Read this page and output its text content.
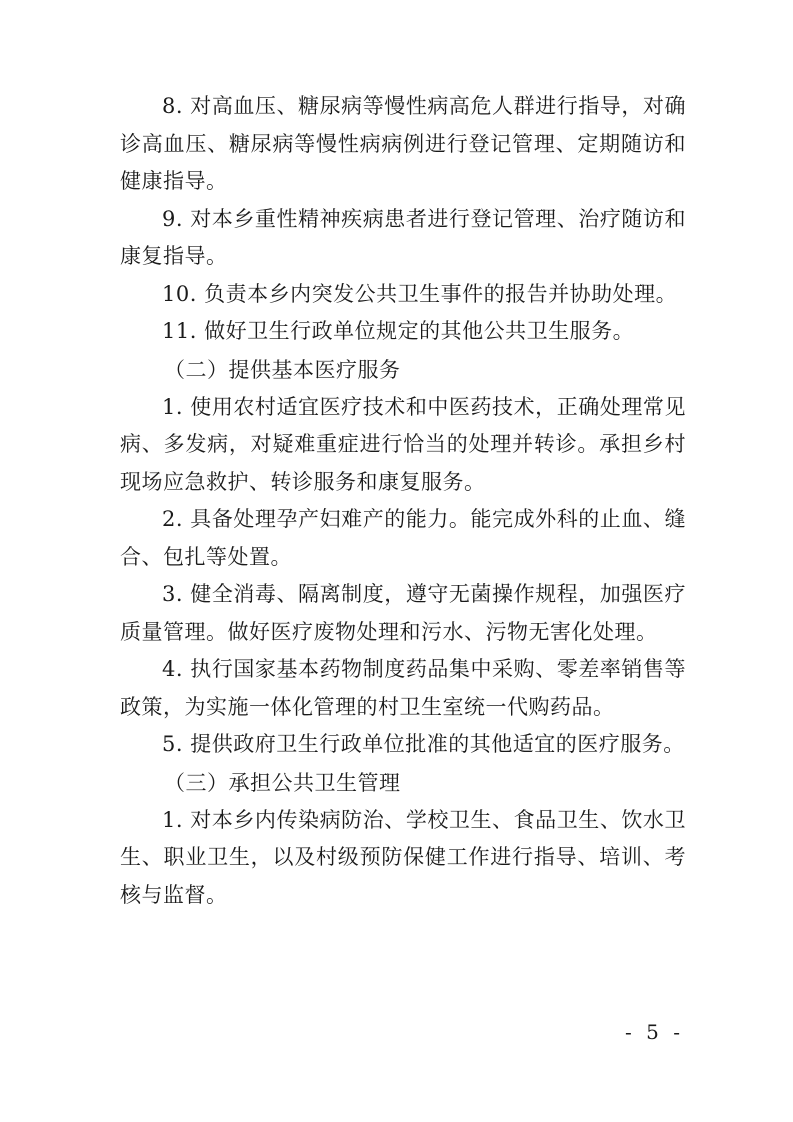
8. 对高血压、糖尿病等慢性病高危人群进行指导，对确诊高血压、糖尿病等慢性病病例进行登记管理、定期随访和健康指导。

9. 对本乡重性精神疾病患者进行登记管理、治疗随访和康复指导。

10. 负责本乡内突发公共卫生事件的报告并协助处理。

11. 做好卫生行政单位规定的其他公共卫生服务。

（二）提供基本医疗服务

1. 使用农村适宜医疗技术和中医药技术，正确处理常见病、多发病，对疑难重症进行恰当的处理并转诊。承担乡村现场应急救护、转诊服务和康复服务。

2. 具备处理孕产妇难产的能力。能完成外科的止血、缝合、包扎等处置。

3. 健全消毒、隔离制度，遵守无菌操作规程，加强医疗质量管理。做好医疗废物处理和污水、污物无害化处理。

4. 执行国家基本药物制度药品集中采购、零差率销售等政策，为实施一体化管理的村卫生室统一代购药品。

5. 提供政府卫生行政单位批准的其他适宜的医疗服务。

（三）承担公共卫生管理

1. 对本乡内传染病防治、学校卫生、食品卫生、饮水卫生、职业卫生，以及村级预防保健工作进行指导、培训、考核与监督。

- 5 -
